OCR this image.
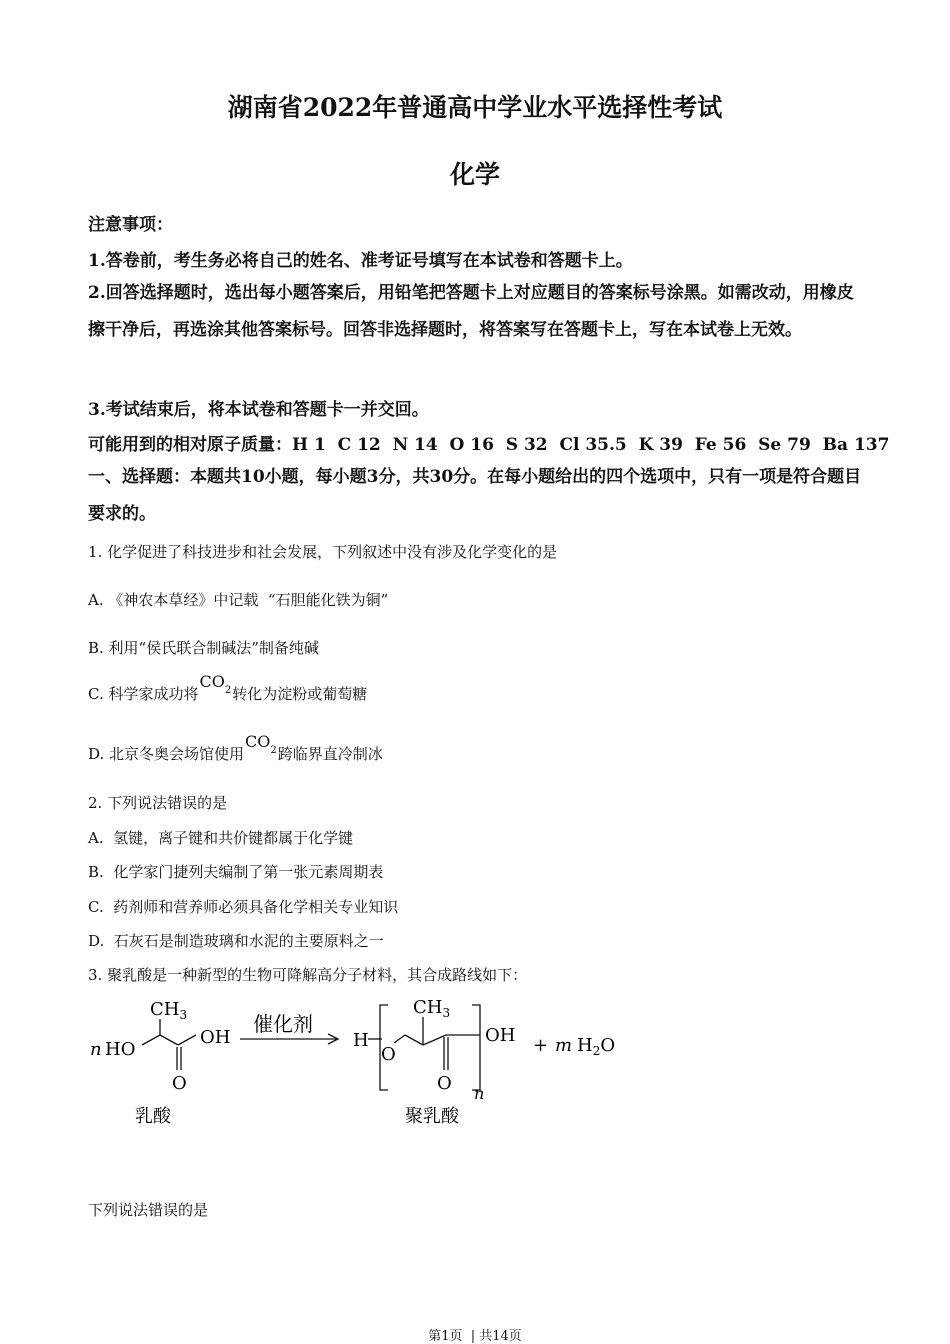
湖南省2022年普通高中学业水平选择性考试
化学
注意事项：
1.答卷前，考生务必将自己的姓名、准考证号填写在本试卷和答题卡上。
2.回答选择题时，选出每小题答案后，用铅笔把答题卡上对应题目的答案标号涂黑。如需改动，用橡皮擦干净后，再选涂其他答案标号。回答非选择题时，将答案写在答题卡上，写在本试卷上无效。
3.考试结束后，将本试卷和答题卡一并交回。
可能用到的相对原子质量：H 1  C 12  N 14  O 16  S 32  Cl 35.5  K 39  Fe 56  Se 79  Ba 137
一、选择题：本题共10小题，每小题3分，共30分。在每小题给出的四个选项中，只有一项是符合题目要求的。
1. 化学促进了科技进步和社会发展，下列叙述中没有涉及化学变化的是
A. 《神农本草经》中记载  “石胆能化铁为铜”
B. 利用“侯氏联合制碱法”制备纯碱
C. 科学家成功将$CO_2$转化为淀粉或葡萄糖
D. 北京冬奥会场馆使用$CO_2$跨临界直冷制冰
2. 下列说法错误的是
A.  氢键，离子键和共价键都属于化学键
B.  化学家门捷列夫编制了第一张元素周期表
C.  药剂师和营养师必须具备化学相关专业知识
D.  石灰石是制造玻璃和水泥的主要原料之一
3. 聚乳酸是一种新型的生物可降解高分子材料，其合成路线如下：
n HO
$CH_3$
OH
O
催化剂
H
O
$CH_3$
OH
O n
+ m $H_2O$
乳酸	聚乳酸
下列说法错误的是
第1页  | 共14页
